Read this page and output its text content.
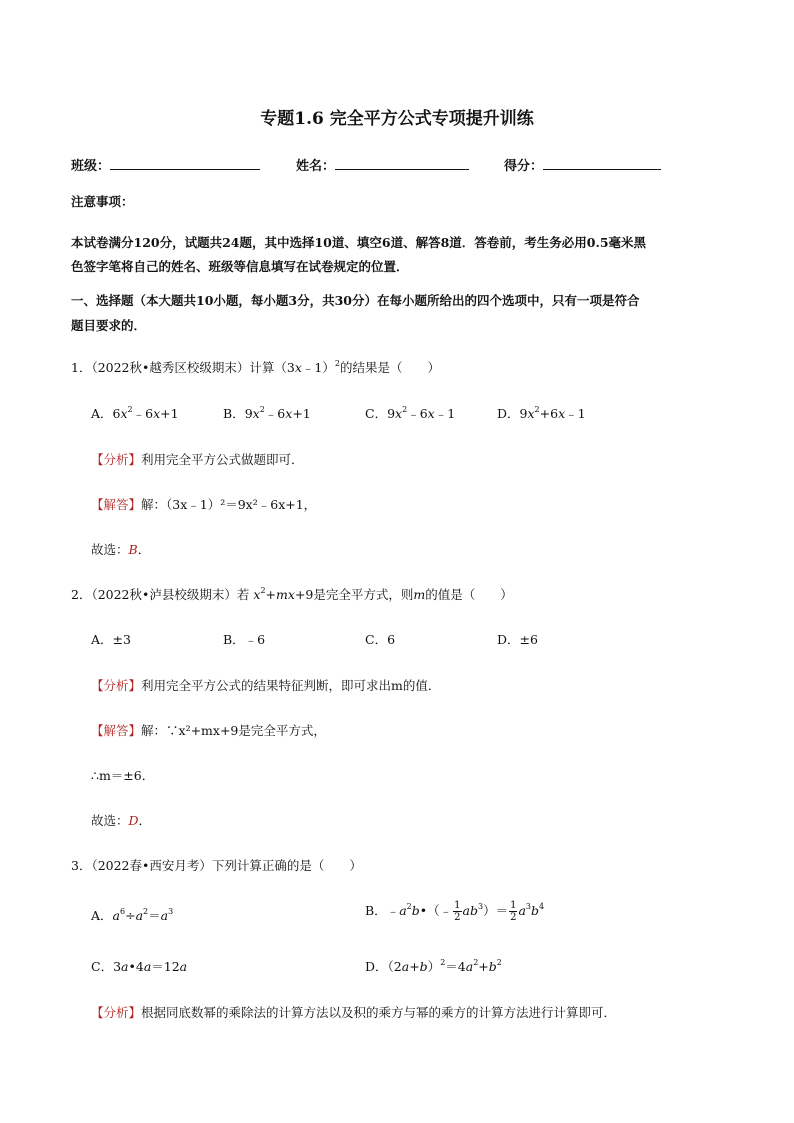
专题1.6 完全平方公式专项提升训练
班级：	姓名：	得分：
注意事项：
本试卷满分120分，试题共24题，其中选择10道、填空6道、解答8道．答卷前，考生务必用0.5毫米黑
色签字笔将自己的姓名、班级等信息填写在试卷规定的位置．
一、选择题（本大题共10小题，每小题3分，共30分）在每小题所给出的四个选项中，只有一项是符合
题目要求的．
1．（2022秋•越秀区校级期末）计算（3x﹣1）$^2$的结果是（　　）
A．$6x^2﹣6x+1$	B．$9x^2﹣6x+1$	C．$9x^2﹣6x﹣1$	D．$9x^2+6x﹣1$
【分析】利用完全平方公式做题即可．
【解答】解：（3x﹣1）²＝9x²﹣6x+1，
故选：B．
2．（2022秋•泸县校级期末）若 $x^2+mx+9$是完全平方式，则m的值是（　　）
A．±3	B．﹣6	C．6	D．±6
【分析】利用完全平方公式的结果特征判断，即可求出m的值．
【解答】解：∵x²+mx+9是完全平方式，
∴m＝±6．
故选：D．
3．（2022春•西安月考）下列计算正确的是（　　）
A．$a^6\div a^2=a^3$	B．$﹣a^2b•(﹣ \frac{1}{2} ab^3)= \frac{1}{2} a^3b^4$
C．3a•4a＝12a	D．$(2a+b)^2=4a^2+b^2$
【分析】根据同底数幂的乘除法的计算方法以及积的乘方与幂的乘方的计算方法进行计算即可．
